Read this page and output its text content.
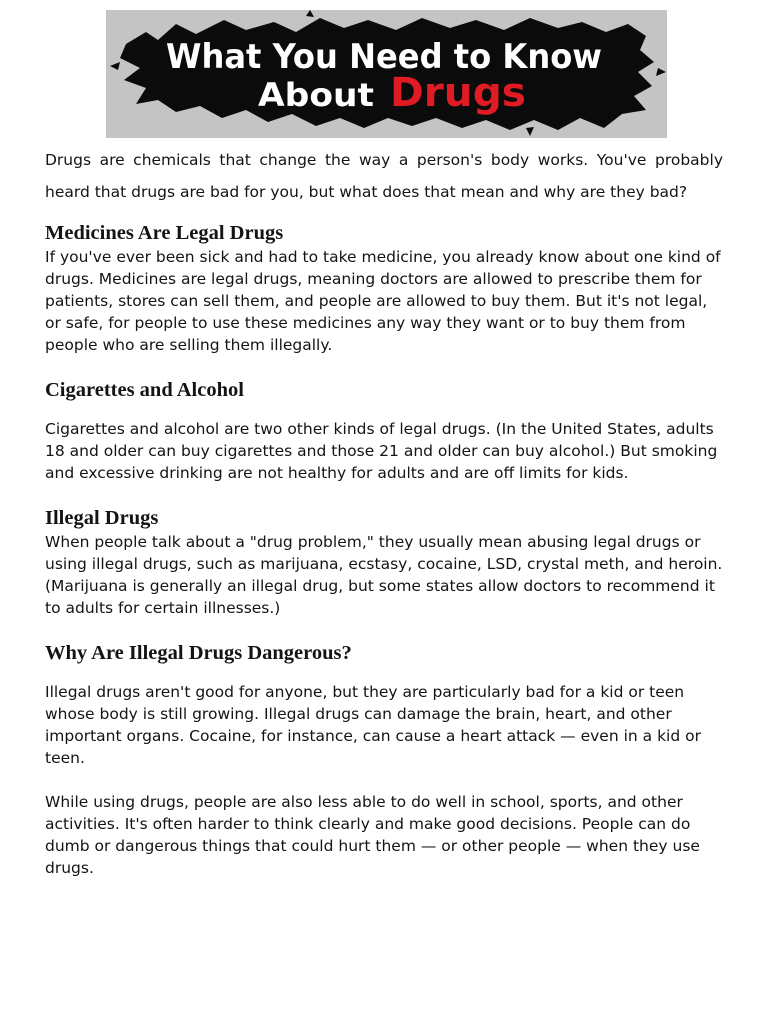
What You Need to Know
About Drugs

Drugs are chemicals that change the way a person's body works. You've probably heard that drugs are bad for you, but what does that mean and why are they bad?

Medicines Are Legal Drugs

If you've ever been sick and had to take medicine, you already know about one kind of drugs. Medicines are legal drugs, meaning doctors are allowed to prescribe them for patients, stores can sell them, and people are allowed to buy them. But it's not legal, or safe, for people to use these medicines any way they want or to buy them from people who are selling them illegally.

Cigarettes and Alcohol

Cigarettes and alcohol are two other kinds of legal drugs. (In the United States, adults 18 and older can buy cigarettes and those 21 and older can buy alcohol.) But smoking and excessive drinking are not healthy for adults and are off limits for kids.

Illegal Drugs

When people talk about a "drug problem," they usually mean abusing legal drugs or using illegal drugs, such as marijuana, ecstasy, cocaine, LSD, crystal meth, and heroin. (Marijuana is generally an illegal drug, but some states allow doctors to recommend it to adults for certain illnesses.)

Why Are Illegal Drugs Dangerous?

Illegal drugs aren't good for anyone, but they are particularly bad for a kid or teen whose body is still growing. Illegal drugs can damage the brain, heart, and other important organs. Cocaine, for instance, can cause a heart attack — even in a kid or teen.

While using drugs, people are also less able to do well in school, sports, and other activities. It's often harder to think clearly and make good decisions. People can do dumb or dangerous things that could hurt them — or other people — when they use drugs.
